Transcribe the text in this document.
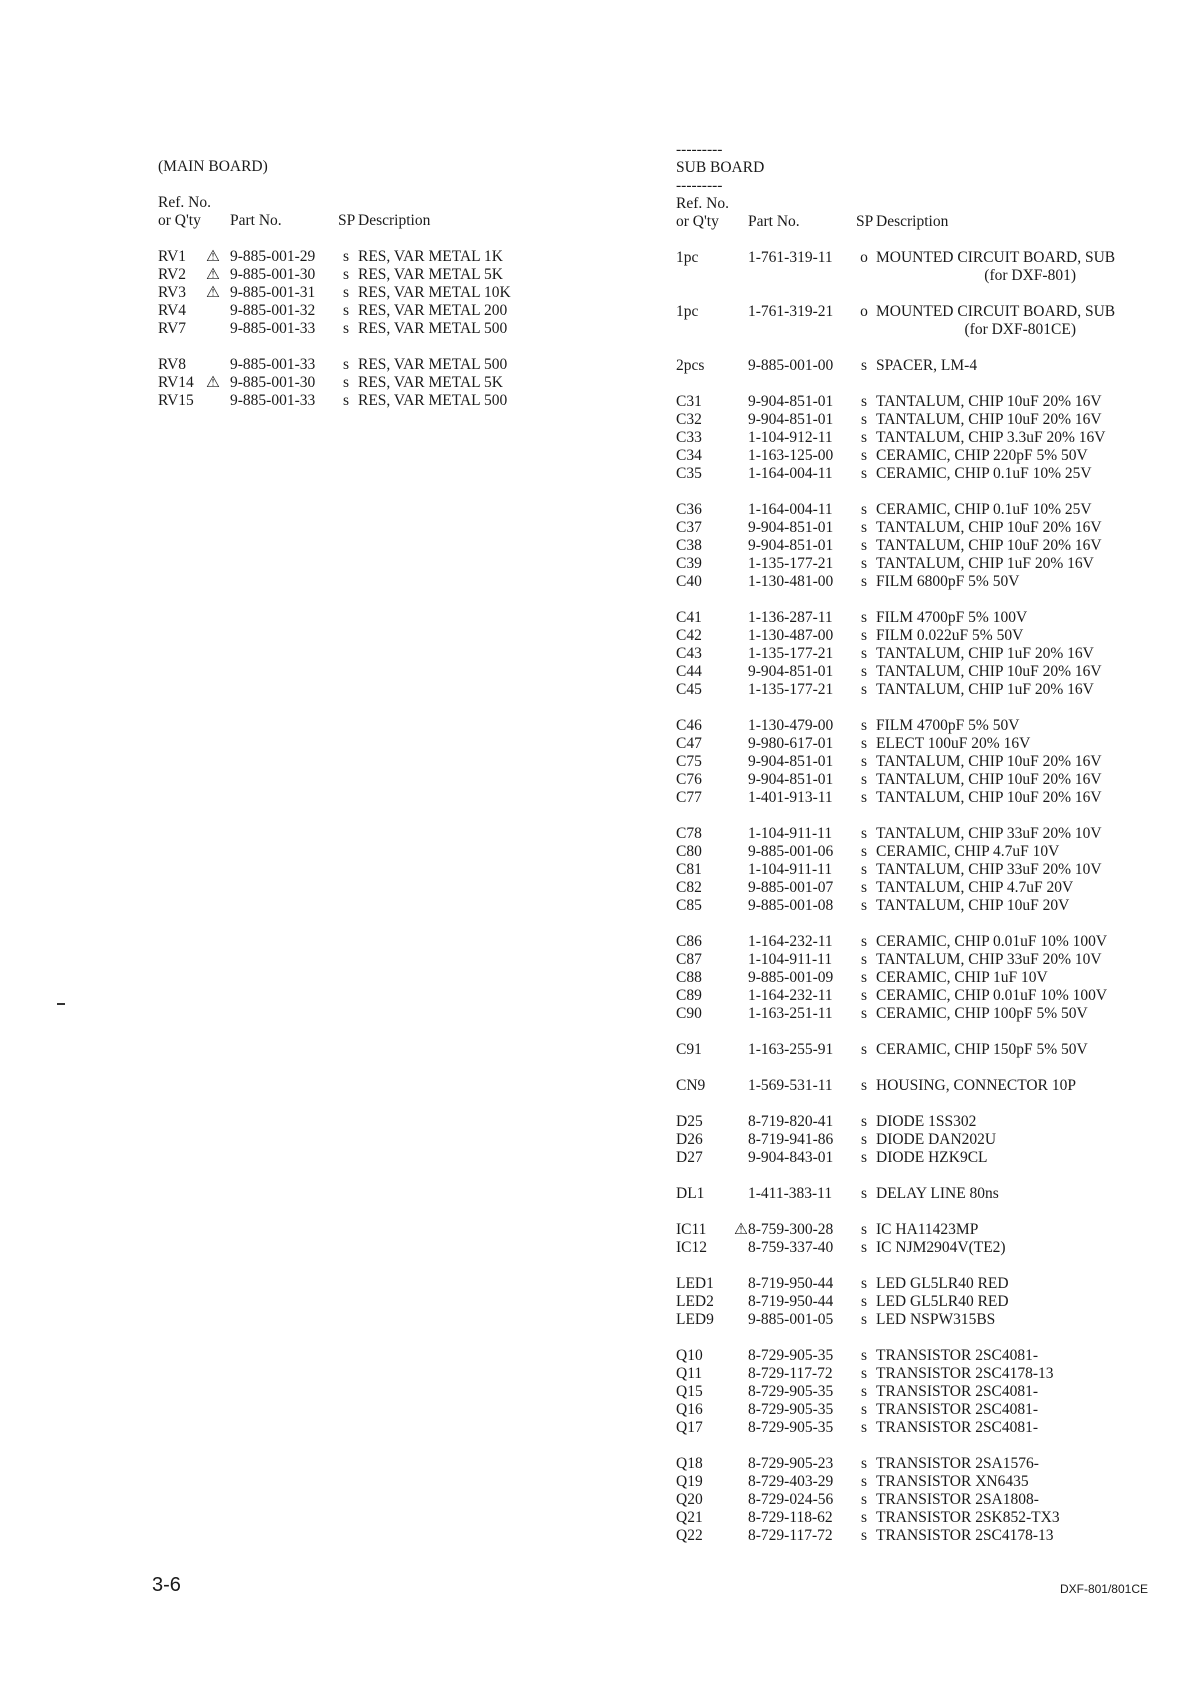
(MAIN BOARD)
Ref. No.
or Q'ty	Part No.	SP Description
RV1	⚠ 9-885-001-29	s RES, VAR METAL 1K
RV2	⚠ 9-885-001-30	s RES, VAR METAL 5K
RV3	⚠ 9-885-001-31	s RES, VAR METAL 10K
RV4	9-885-001-32	s RES, VAR METAL 200
RV7	9-885-001-33	s RES, VAR METAL 500
RV8	9-885-001-33	s RES, VAR METAL 500
RV14 ⚠ 9-885-001-30	s RES, VAR METAL 5K
RV15 9-885-001-33	s RES, VAR METAL 500
---------
SUB BOARD
---------
Ref. No.
or Q'ty	Part No.	SP Description
1pc	1-761-319-11	o MOUNTED CIRCUIT BOARD, SUB
(for DXF-801)
1pc	1-761-319-21	o MOUNTED CIRCUIT BOARD, SUB
(for DXF-801CE)
2pcs	9-885-001-00	s SPACER, LM-4
C31	9-904-851-01	s TANTALUM, CHIP 10uF 20% 16V
C32	9-904-851-01	s TANTALUM, CHIP 10uF 20% 16V
C33	1-104-912-11	s TANTALUM, CHIP 3.3uF 20% 16V
C34	1-163-125-00	s CERAMIC, CHIP 220pF 5% 50V
C35	1-164-004-11	s CERAMIC, CHIP 0.1uF 10% 25V
C36	1-164-004-11	s CERAMIC, CHIP 0.1uF 10% 25V
C37	9-904-851-01	s TANTALUM, CHIP 10uF 20% 16V
C38	9-904-851-01	s TANTALUM, CHIP 10uF 20% 16V
C39	1-135-177-21	s TANTALUM, CHIP 1uF 20% 16V
C40	1-130-481-00	s FILM 6800pF 5% 50V
C41	1-136-287-11	s FILM 4700pF 5% 100V
C42	1-130-487-00	s FILM 0.022uF 5% 50V
C43	1-135-177-21	s TANTALUM, CHIP 1uF 20% 16V
C44	9-904-851-01	s TANTALUM, CHIP 10uF 20% 16V
C45	1-135-177-21	s TANTALUM, CHIP 1uF 20% 16V
C46	1-130-479-00	s FILM 4700pF 5% 50V
C47	9-980-617-01	s ELECT 100uF 20% 16V
C75	9-904-851-01	s TANTALUM, CHIP 10uF 20% 16V
C76	9-904-851-01	s TANTALUM, CHIP 10uF 20% 16V
C77	1-401-913-11	s TANTALUM, CHIP 10uF 20% 16V
C78	1-104-911-11	s TANTALUM, CHIP 33uF 20% 10V
C80	9-885-001-06	s CERAMIC, CHIP 4.7uF 10V
C81	1-104-911-11	s TANTALUM, CHIP 33uF 20% 10V
C82	9-885-001-07	s TANTALUM, CHIP 4.7uF 20V
C85	9-885-001-08	s TANTALUM, CHIP 10uF 20V
C86	1-164-232-11	s CERAMIC, CHIP 0.01uF 10% 100V
C87	1-104-911-11	s TANTALUM, CHIP 33uF 20% 10V
C88	9-885-001-09	s CERAMIC, CHIP 1uF 10V
C89	1-164-232-11	s CERAMIC, CHIP 0.01uF 10% 100V
C90	1-163-251-11	s CERAMIC, CHIP 100pF 5% 50V
C91	1-163-255-91	s CERAMIC, CHIP 150pF 5% 50V
CN9	1-569-531-11	s HOUSING, CONNECTOR 10P
D25	8-719-820-41	s DIODE 1SS302
D26	8-719-941-86	s DIODE DAN202U
D27	9-904-843-01	s DIODE HZK9CL
DL1	1-411-383-11	s DELAY LINE 80ns
IC11	⚠ 8-759-300-28	s IC HA11423MP
IC12	8-759-337-40	s IC NJM2904V(TE2)
LED1	8-719-950-44	s LED GL5LR40 RED
LED2	8-719-950-44	s LED GL5LR40 RED
LED9	9-885-001-05	s LED NSPW315BS
Q10	8-729-905-35	s TRANSISTOR 2SC4081-
Q11	8-729-117-72	s TRANSISTOR 2SC4178-13
Q15	8-729-905-35	s TRANSISTOR 2SC4081-
Q16	8-729-905-35	s TRANSISTOR 2SC4081-
Q17	8-729-905-35	s TRANSISTOR 2SC4081-
Q18	8-729-905-23	s TRANSISTOR 2SA1576-
Q19	8-729-403-29	s TRANSISTOR XN6435
Q20	8-729-024-56	s TRANSISTOR 2SA1808-
Q21	8-729-118-62	s TRANSISTOR 2SK852-TX3
Q22	8-729-117-72	s TRANSISTOR 2SC4178-13
3-6	DXF-801/801CE
